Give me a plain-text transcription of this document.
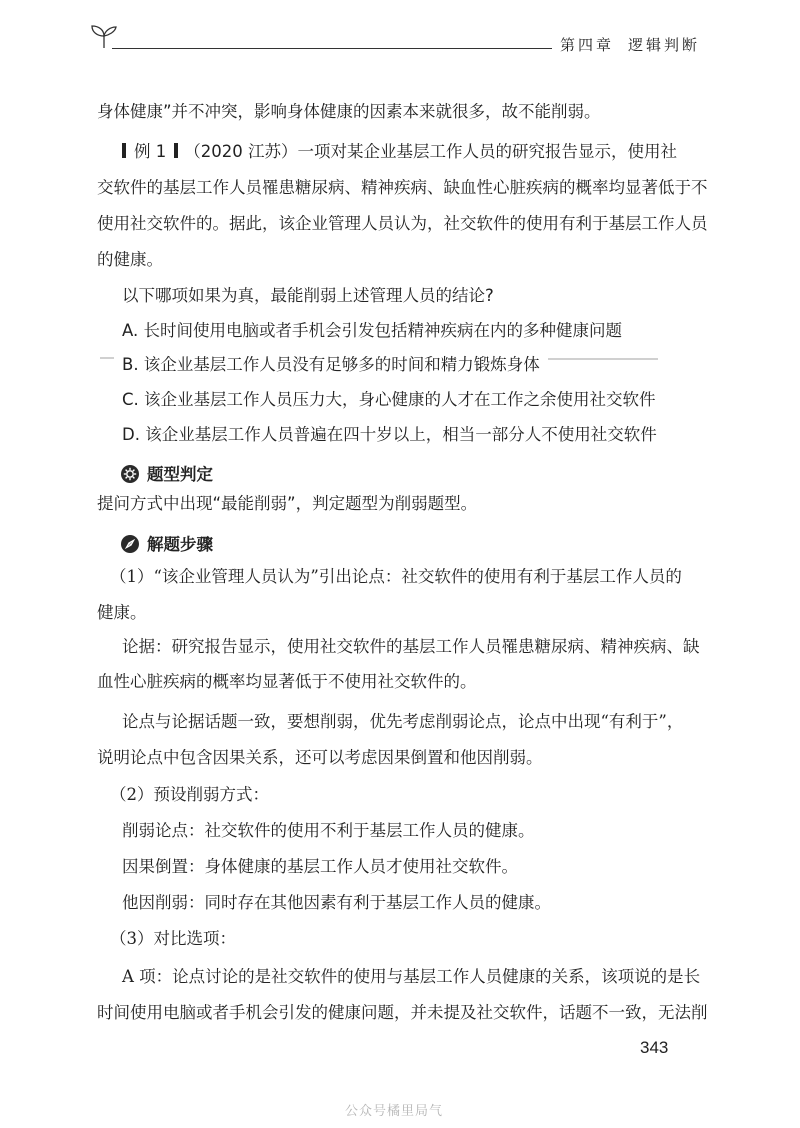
第四章 逻辑判断
身体健康”并不冲突，影响身体健康的因素本来就很多，故不能削弱。
例 1 （2020 江苏）一项对某企业基层工作人员的研究报告显示，使用社
交软件的基层工作人员罹患糖尿病、精神疾病、缺血性心脏疾病的概率均显著低于不
使用社交软件的。据此，该企业管理人员认为，社交软件的使用有利于基层工作人员
的健康。
以下哪项如果为真，最能削弱上述管理人员的结论?
A. 长时间使用电脑或者手机会引发包括精神疾病在内的多种健康问题
B. 该企业基层工作人员没有足够多的时间和精力锻炼身体
C. 该企业基层工作人员压力大，身心健康的人才在工作之余使用社交软件
D. 该企业基层工作人员普遍在四十岁以上，相当一部分人不使用社交软件
题型判定
提问方式中出现“最能削弱”，判定题型为削弱题型。
解题步骤
（1）“该企业管理人员认为”引出论点：社交软件的使用有利于基层工作人员的
健康。
论据：研究报告显示，使用社交软件的基层工作人员罹患糖尿病、精神疾病、缺
血性心脏疾病的概率均显著低于不使用社交软件的。
论点与论据话题一致，要想削弱，优先考虑削弱论点，论点中出现“有利于”，
说明论点中包含因果关系，还可以考虑因果倒置和他因削弱。
（2）预设削弱方式：
削弱论点：社交软件的使用不利于基层工作人员的健康。
因果倒置：身体健康的基层工作人员才使用社交软件。
他因削弱：同时存在其他因素有利于基层工作人员的健康。
（3）对比选项：
A 项：论点讨论的是社交软件的使用与基层工作人员健康的关系，该项说的是长
时间使用电脑或者手机会引发的健康问题，并未提及社交软件，话题不一致，无法削
343
公众号橘里局气
